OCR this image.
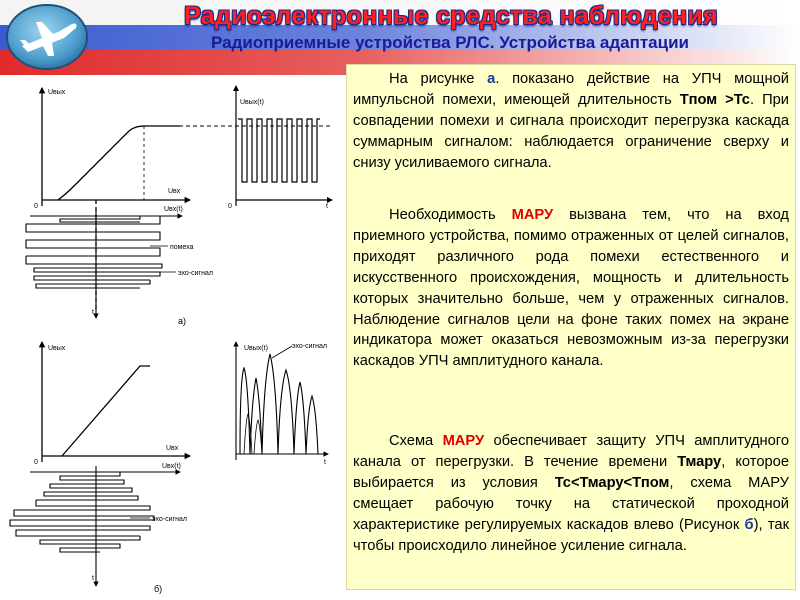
Радиоэлектронные средства наблюдения
Радиоприемные устройства РЛС. Устройства адаптации
Uвых
Uвх
0
Uвых(t)
0	t
помеха
эхо-сигнал
Uвх(t)
t
а)
Uвых
Uвх
0
Uвых(t)	эхо-сигнал
t
эхо-сигнал
Uвх(t)
t
б)

На рисунке а. показано действие на УПЧ мощной импульсной помехи, имеющей длительность Тпом >Тс. При совпадении помехи и сигнала происходит перегрузка каскада суммарным сигналом: наблюдается ограничение сверху и снизу усиливаемого сигнала.

Необходимость МАРУ вызвана тем, что на вход приемного устройства, помимо отраженных от целей сигналов, приходят различного рода помехи естественного и искусственного происхождения, мощность и длительность которых значительно больше, чем у отраженных сигналов. Наблюдение сигналов цели на фоне таких помех на экране индикатора может оказаться невозможным из-за перегрузки каскадов УПЧ амплитудного канала.

Схема МАРУ обеспечивает защиту УПЧ амплитудного канала от перегрузки. В течение времени Тмару, которое выбирается из условия Тс<Тмару<Тпом, схема МАРУ смещает рабочую точку на статической проходной характеристике регулируемых каскадов влево (Рисунок б), так чтобы происходило линейное усиление сигнала.
